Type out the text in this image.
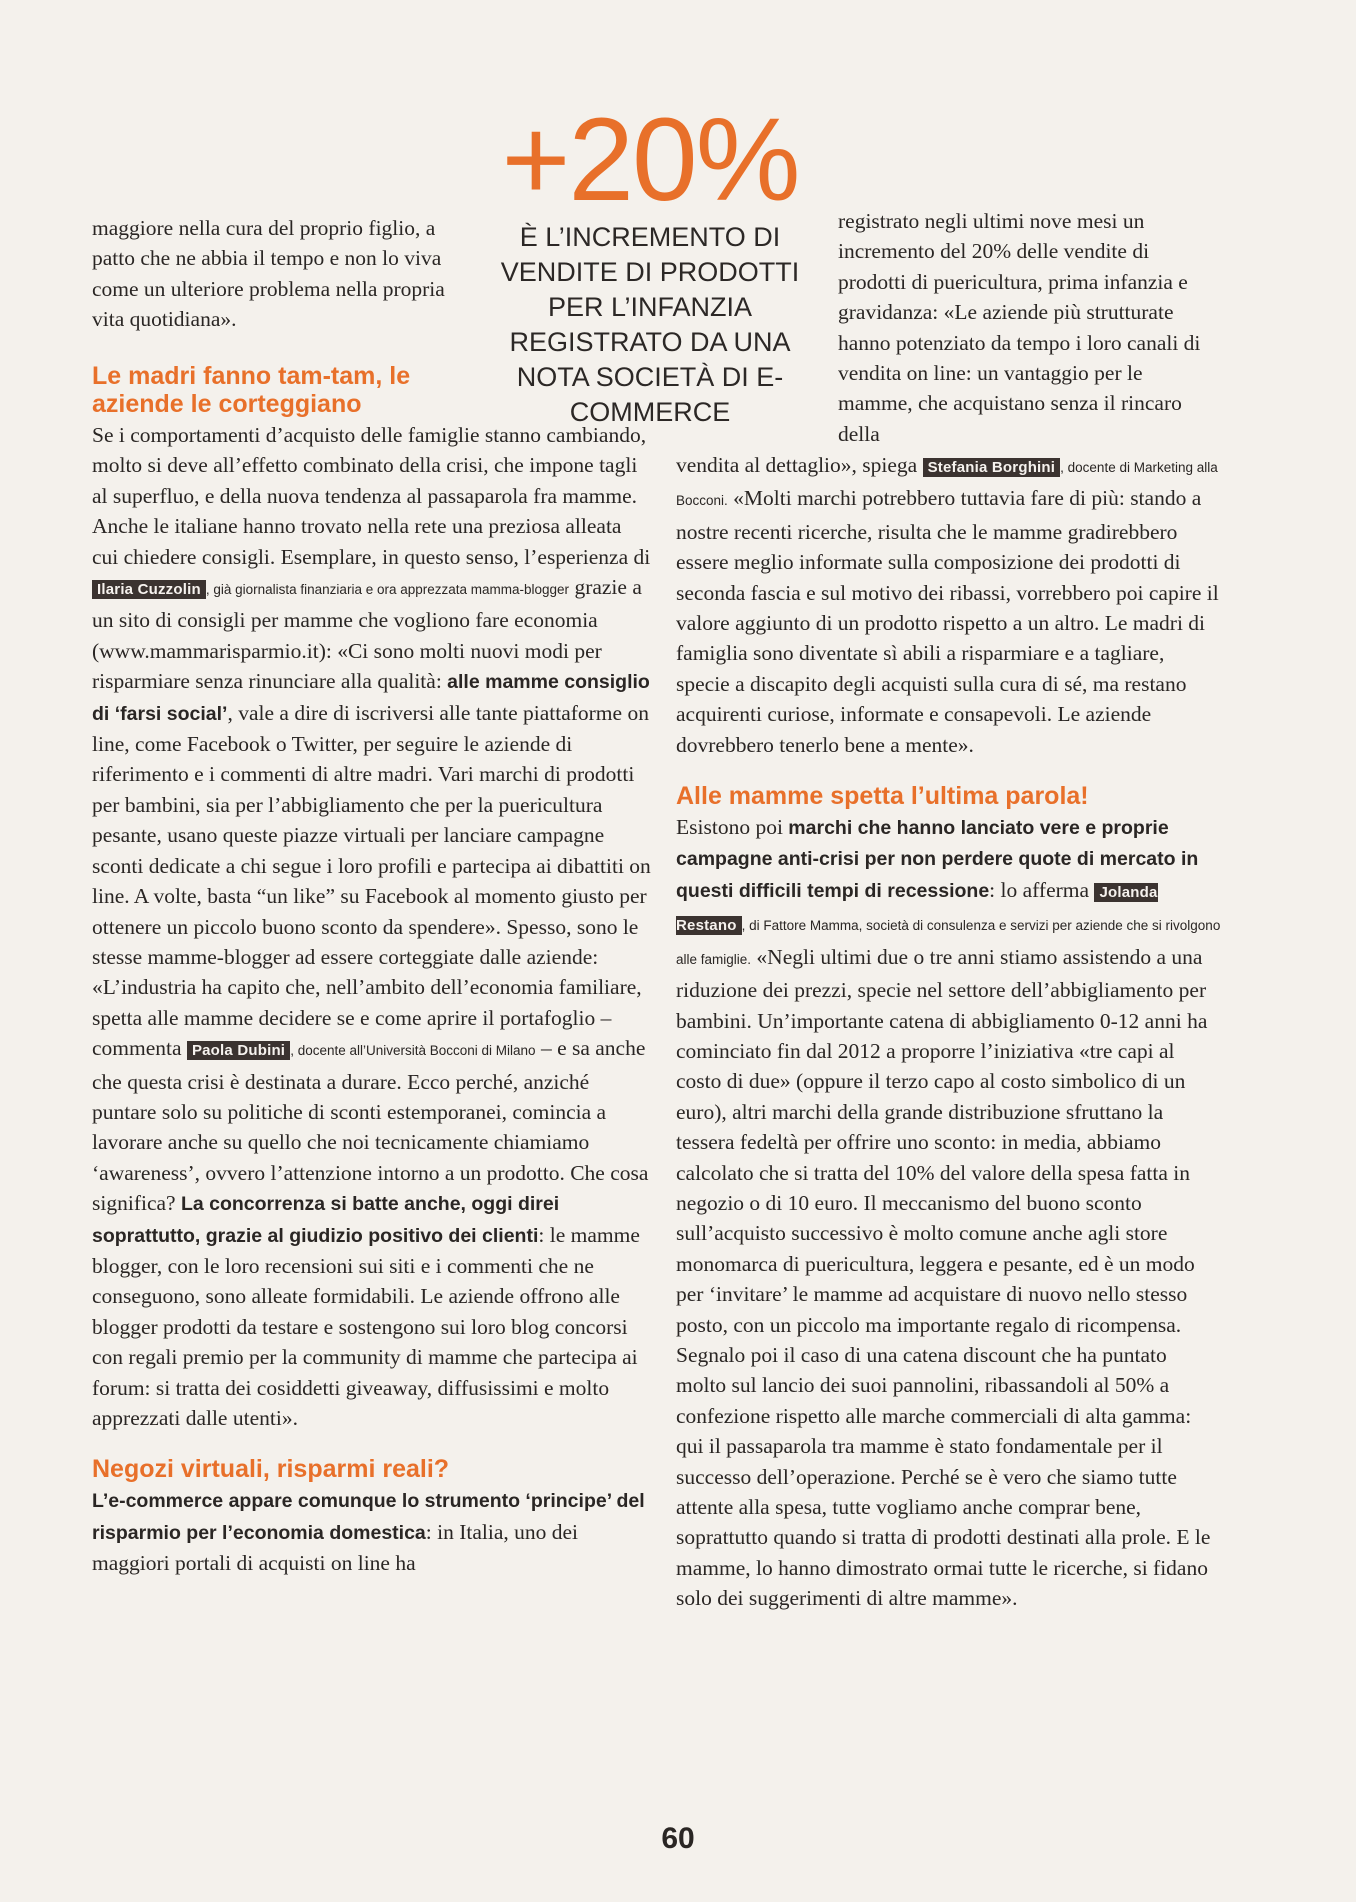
+20%
È L’INCREMENTO DI VENDITE DI PRODOTTI PER L’INFANZIA REGISTRATO DA UNA NOTA SOCIETÀ DI E-COMMERCE

maggiore nella cura del proprio figlio, a patto che ne abbia il tempo e non lo viva come un ulteriore problema nella propria vita quotidiana».

Le madri fanno tam-tam, le aziende le corteggiano

Se i comportamenti d’acquisto delle famiglie stanno cambiando, molto si deve all’effetto combinato della crisi, che impone tagli al superfluo, e della nuova tendenza al passaparola fra mamme. Anche le italiane hanno trovato nella rete una preziosa alleata cui chiedere consigli. Esemplare, in questo senso, l’esperienza di Ilaria Cuzzolin , già giornalista finanziaria e ora apprezzata mamma-blogger grazie a un sito di consigli per mamme che vogliono fare economia (www.mammarisparmio.it): «Ci sono molti nuovi modi per risparmiare senza rinunciare alla qualità: alle mamme consiglio di ‘farsi social’, vale a dire di iscriversi alle tante piattaforme on line, come Facebook o Twitter, per seguire le aziende di riferimento e i commenti di altre madri. Vari marchi di prodotti per bambini, sia per l’abbigliamento che per la puericultura pesante, usano queste piazze virtuali per lanciare campagne sconti dedicate a chi segue i loro profili e partecipa ai dibattiti on line. A volte, basta “un like” su Facebook al momento giusto per ottenere un piccolo buono sconto da spendere». Spesso, sono le stesse mamme-blogger ad essere corteggiate dalle aziende: «L’industria ha capito che, nell’ambito dell’economia familiare, spetta alle mamme decidere se e come aprire il portafoglio – commenta Paola Dubini , docente all’Università Bocconi di Milano – e sa anche che questa crisi è destinata a durare. Ecco perché, anziché puntare solo su politiche di sconti estemporanei, comincia a lavorare anche su quello che noi tecnicamente chiamiamo ‘awareness’, ovvero l’attenzione intorno a un prodotto. Che cosa significa? La concorrenza si batte anche, oggi direi soprattutto, grazie al giudizio positivo dei clienti: le mamme blogger, con le loro recensioni sui siti e i commenti che ne conseguono, sono alleate formidabili. Le aziende offrono alle blogger prodotti da testare e sostengono sui loro blog concorsi con regali premio per la community di mamme che partecipa ai forum: si tratta dei cosiddetti giveaway, diffusissimi e molto apprezzati dalle utenti».

Negozi virtuali, risparmi reali?

L’e-commerce appare comunque lo strumento ‘principe’ del risparmio per l’economia domestica: in Italia, uno dei maggiori portali di acquisti on line ha

registrato negli ultimi nove mesi un incremento del 20% delle vendite di prodotti di puericultura, prima infanzia e gravidanza: «Le aziende più strutturate hanno potenziato da tempo i loro canali di vendita on line: un vantaggio per le mamme, che acquistano senza il rincaro della

vendita al dettaglio», spiega Stefania Borghini , docente di Marketing alla Bocconi. «Molti marchi potrebbero tuttavia fare di più: stando a nostre recenti ricerche, risulta che le mamme gradirebbero essere meglio informate sulla composizione dei prodotti di seconda fascia e sul motivo dei ribassi, vorrebbero poi capire il valore aggiunto di un prodotto rispetto a un altro. Le madri di famiglia sono diventate sì abili a risparmiare e a tagliare, specie a discapito degli acquisti sulla cura di sé, ma restano acquirenti curiose, informate e consapevoli. Le aziende dovrebbero tenerlo bene a mente».

Alle mamme spetta l’ultima parola!

Esistono poi marchi che hanno lanciato vere e proprie campagne anti-crisi per non perdere quote di mercato in questi difficili tempi di recessione: lo afferma Jolanda Restano , di Fattore Mamma, società di consulenza e servizi per aziende che si rivolgono alle famiglie. «Negli ultimi due o tre anni stiamo assistendo a una riduzione dei prezzi, specie nel settore dell’abbigliamento per bambini. Un’importante catena di abbigliamento 0-12 anni ha cominciato fin dal 2012 a proporre l’iniziativa «tre capi al costo di due» (oppure il terzo capo al costo simbolico di un euro), altri marchi della grande distribuzione sfruttano la tessera fedeltà per offrire uno sconto: in media, abbiamo calcolato che si tratta del 10% del valore della spesa fatta in negozio o di 10 euro. Il meccanismo del buono sconto sull’acquisto successivo è molto comune anche agli store monomarca di puericultura, leggera e pesante, ed è un modo per ‘invitare’ le mamme ad acquistare di nuovo nello stesso posto, con un piccolo ma importante regalo di ricompensa. Segnalo poi il caso di una catena discount che ha puntato molto sul lancio dei suoi pannolini, ribassandoli al 50% a confezione rispetto alle marche commerciali di alta gamma: qui il passaparola tra mamme è stato fondamentale per il successo dell’operazione. Perché se è vero che siamo tutte attente alla spesa, tutte vogliamo anche comprar bene, soprattutto quando si tratta di prodotti destinati alla prole. E le mamme, lo hanno dimostrato ormai tutte le ricerche, si fidano solo dei suggerimenti di altre mamme».

60
